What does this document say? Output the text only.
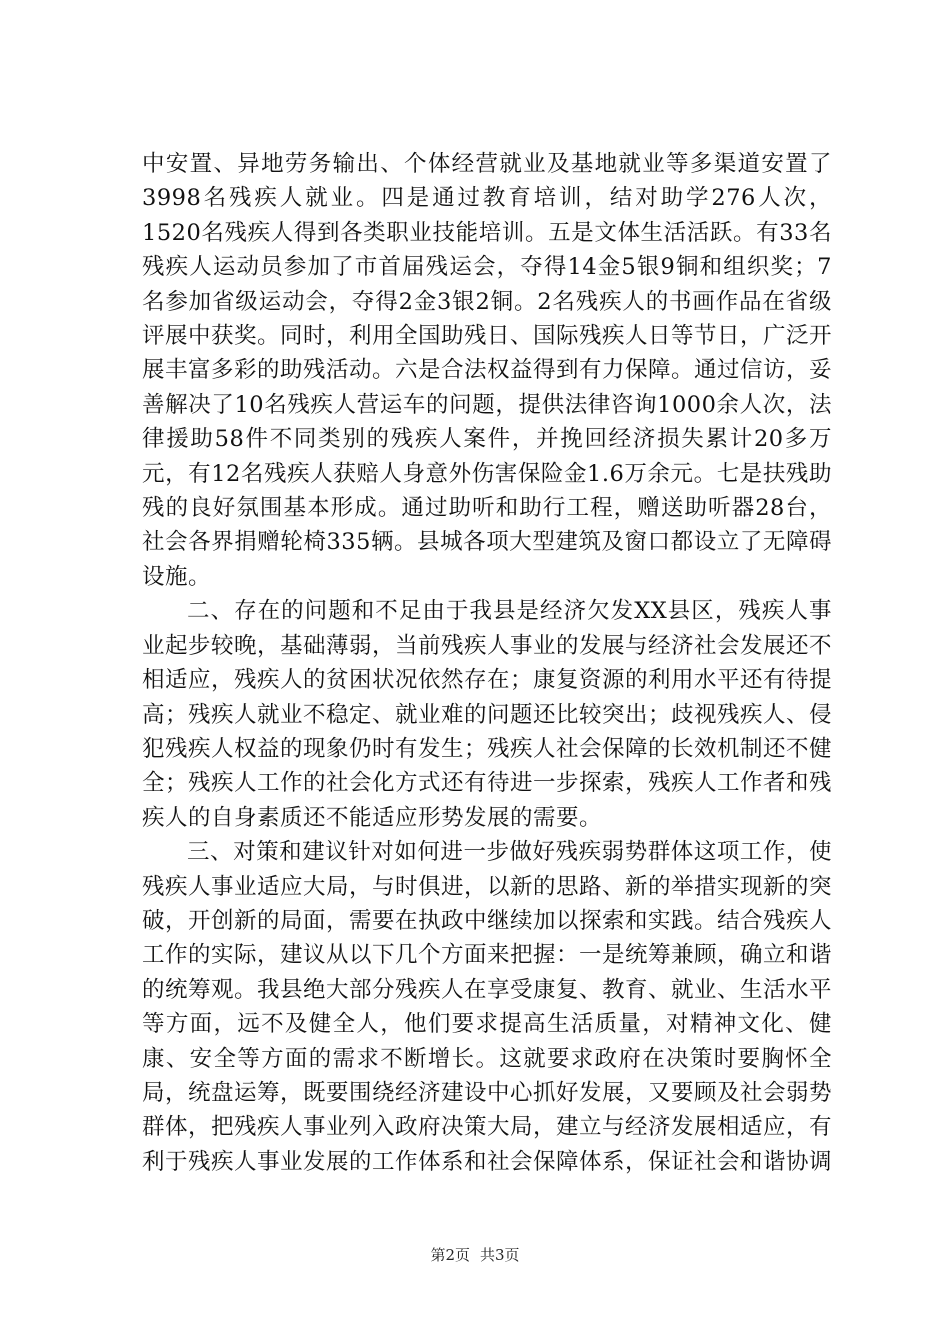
中安置、异地劳务输出、个体经营就业及基地就业等多渠道安置了3998名残疾人就业。四是通过教育培训，结对助学276人次，1520名残疾人得到各类职业技能培训。五是文体生活活跃。有33名残疾人运动员参加了市首届残运会，夺得14金5银9铜和组织奖；7名参加省级运动会，夺得2金3银2铜。2名残疾人的书画作品在省级评展中获奖。同时，利用全国助残日、国际残疾人日等节日，广泛开展丰富多彩的助残活动。六是合法权益得到有力保障。通过信访，妥善解决了10名残疾人营运车的问题，提供法律咨询1000余人次，法律援助58件不同类别的残疾人案件，并挽回经济损失累计20多万元，有12名残疾人获赔人身意外伤害保险金1.6万余元。七是扶残助残的良好氛围基本形成。通过助听和助行工程，赠送助听器28台，社会各界捐赠轮椅335辆。县城各项大型建筑及窗口都设立了无障碍设施。

二、存在的问题和不足由于我县是经济欠发XX县区，残疾人事业起步较晚，基础薄弱，当前残疾人事业的发展与经济社会发展还不相适应，残疾人的贫困状况依然存在；康复资源的利用水平还有待提高；残疾人就业不稳定、就业难的问题还比较突出；歧视残疾人、侵犯残疾人权益的现象仍时有发生；残疾人社会保障的长效机制还不健全；残疾人工作的社会化方式还有待进一步探索，残疾人工作者和残疾人的自身素质还不能适应形势发展的需要。

三、对策和建议针对如何进一步做好残疾弱势群体这项工作，使残疾人事业适应大局，与时俱进，以新的思路、新的举措实现新的突破，开创新的局面，需要在执政中继续加以探索和实践。结合残疾人工作的实际，建议从以下几个方面来把握：一是统筹兼顾，确立和谐的统筹观。我县绝大部分残疾人在享受康复、教育、就业、生活水平等方面，远不及健全人，他们要求提高生活质量，对精神文化、健康、安全等方面的需求不断增长。这就要求政府在决策时要胸怀全局，统盘运筹，既要围绕经济建设中心抓好发展，又要顾及社会弱势群体，把残疾人事业列入政府决策大局，建立与经济发展相适应，有利于残疾人事业发展的工作体系和社会保障体系，保证社会和谐协调

第2页 共3页
